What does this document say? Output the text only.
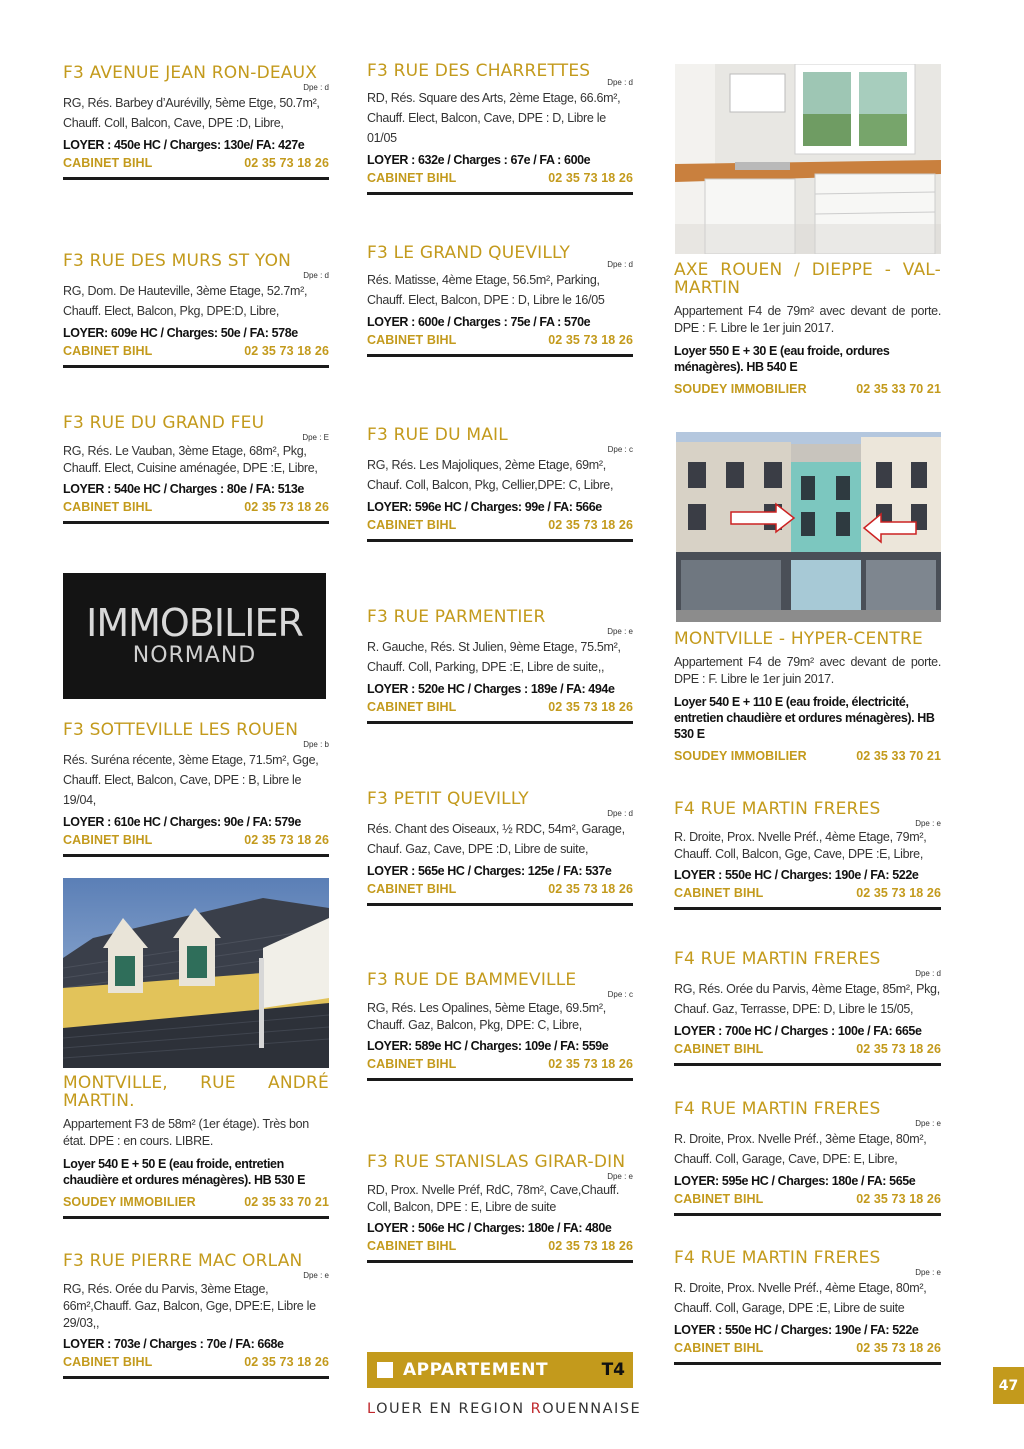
F3 AVENUE JEAN RON-DEAUX
Dpe : d
RG, Rés. Barbey d’Aurévilly, 5ème Etge, 50.7m², Chauff. Coll, Balcon, Cave, DPE :D, Libre,
LOYER : 450e HC / Charges: 130e/ FA: 427e
CABINET BIHL	02 35 73 18 26
F3 RUE DES MURS ST YON
Dpe : d
RG, Dom. De Hauteville, 3ème Etage, 52.7m², Chauff. Elect, Balcon, Pkg, DPE:D, Libre,
LOYER: 609e HC / Charges: 50e / FA: 578e
CABINET BIHL	02 35 73 18 26
F3 RUE DU GRAND FEU
Dpe : E
RG, Rés. Le Vauban, 3ème Etage, 68m², Pkg, Chauff. Elect, Cuisine aménagée, DPE :E, Libre,
LOYER : 540e HC / Charges : 80e / FA: 513e
CABINET BIHL	02 35 73 18 26
F3 SOTTEVILLE LES ROUEN
Dpe : b
Rés. Suréna récente, 3ème Etage, 71.5m², Gge, Chauff. Elect, Balcon, Cave, DPE : B, Libre le 19/04,
LOYER : 610e HC / Charges: 90e / FA: 579e
CABINET BIHL	02 35 73 18 26
MONTVILLE, RUE ANDRÉ MARTIN.
Appartement F3 de 58m² (1er étage). Très bon état. DPE : en cours. LIBRE.
Loyer 540 E + 50 E (eau froide, entretien chaudière et ordures ménagères). HB 530 E
SOUDEY IMMOBILIER	02 35 33 70 21
F3 RUE PIERRE MAC ORLAN
Dpe : e
RG, Rés. Orée du Parvis, 3ème Etage, 66m²,Chauff. Gaz, Balcon, Gge, DPE:E, Libre le 29/03,,
LOYER : 703e / Charges : 70e / FA: 668e
CABINET BIHL	02 35 73 18 26
IMMOBILIER
NORMAND
F3 RUE DES CHARRETTES
Dpe : d
RD, Rés. Square des Arts, 2ème Etage, 66.6m², Chauff. Elect, Balcon, Cave, DPE : D, Libre le 01/05
LOYER : 632e / Charges : 67e / FA : 600e
CABINET BIHL	02 35 73 18 26
F3 LE GRAND QUEVILLY
Dpe : d
Rés. Matisse, 4ème Etage, 56.5m², Parking, Chauff. Elect, Balcon, DPE : D, Libre le 16/05
LOYER : 600e / Charges : 75e / FA : 570e
CABINET BIHL	02 35 73 18 26
F3 RUE DU MAIL
Dpe : c
RG, Rés. Les Majoliques, 2ème Etage, 69m², Chauf. Coll, Balcon, Pkg, Cellier,DPE: C, Libre,
LOYER: 596e HC / Charges: 99e / FA: 566e
CABINET BIHL	02 35 73 18 26
F3 RUE PARMENTIER
Dpe : e
R. Gauche, Rés. St Julien, 9ème Etage, 75.5m², Chauff. Coll, Parking, DPE :E, Libre de suite,,
LOYER : 520e HC / Charges : 189e / FA: 494e
CABINET BIHL	02 35 73 18 26
F3 PETIT QUEVILLY
Dpe : d
Rés. Chant des Oiseaux, ½ RDC, 54m², Garage, Chauf. Gaz, Cave, DPE :D, Libre de suite,
LOYER : 565e HC / Charges: 125e / FA: 537e
CABINET BIHL	02 35 73 18 26
F3 RUE DE BAMMEVILLE
Dpe : c
RG, Rés. Les Opalines, 5ème Etage, 69.5m², Chauff. Gaz, Balcon, Pkg, DPE: C, Libre,
LOYER: 589e HC / Charges: 109e / FA: 559e
CABINET BIHL	02 35 73 18 26
F3 RUE STANISLAS GIRAR-DIN
Dpe : e
RD, Prox. Nvelle Préf, RdC, 78m², Cave,Chauff. Coll, Balcon, DPE : E, Libre de suite
LOYER : 506e HC / Charges: 180e / FA: 480e
CABINET BIHL	02 35 73 18 26
APPARTEMENT	T4
LOUER EN REGION ROUENNAISE
AXE ROUEN / DIEPPE - VAL-MARTIN
Appartement F4 de 79m² avec devant de porte. DPE : F. Libre le 1er juin 2017.
Loyer 550 E + 30 E (eau froide, ordures ménagères). HB 540 E
SOUDEY IMMOBILIER	02 35 33 70 21
MONTVILLE - HYPER-CENTRE
Appartement F4 de 79m² avec devant de porte. DPE : F. Libre le 1er juin 2017.
Loyer 540 E + 110 E (eau froide, électricité, entretien chaudière et ordures ménagères). HB 530 E
SOUDEY IMMOBILIER	02 35 33 70 21
F4 RUE MARTIN FRERES
Dpe : e
R. Droite, Prox. Nvelle Préf., 4ème Etage, 79m², Chauff. Coll, Balcon, Gge, Cave, DPE :E, Libre,
LOYER : 550e HC / Charges: 190e / FA: 522e
CABINET BIHL	02 35 73 18 26
F4 RUE MARTIN FRERES
Dpe : d
RG, Rés. Orée du Parvis, 4ème Etage, 85m², Pkg, Chauf. Gaz, Terrasse, DPE: D, Libre le 15/05,
LOYER : 700e HC / Charges : 100e / FA: 665e
CABINET BIHL	02 35 73 18 26
F4 RUE MARTIN FRERES
Dpe : e
R. Droite, Prox. Nvelle Préf., 3ème Etage, 80m², Chauff. Coll, Garage, Cave, DPE: E, Libre,
LOYER: 595e HC / Charges: 180e / FA: 565e
CABINET BIHL	02 35 73 18 26
F4 RUE MARTIN FRERES
Dpe : e
R. Droite, Prox. Nvelle Préf., 4ème Etage, 80m², Chauff. Coll, Garage, DPE :E, Libre de suite
LOYER : 550e HC / Charges: 190e / FA: 522e
CABINET BIHL	02 35 73 18 26
47
